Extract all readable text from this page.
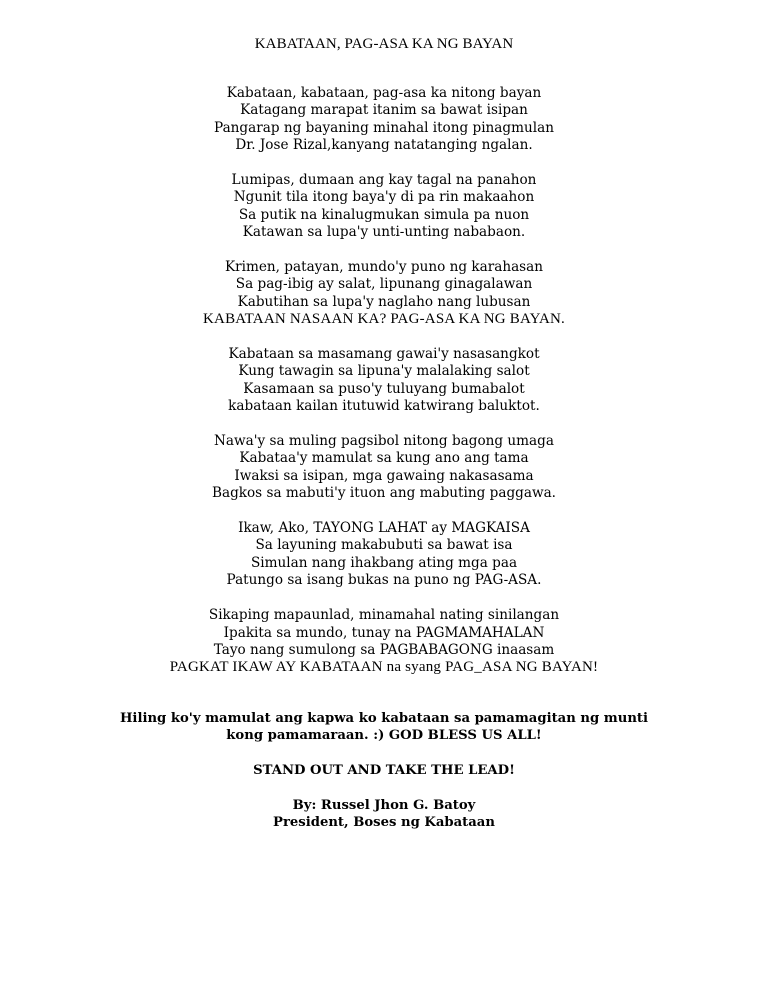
KABATAAN, PAG-ASA KA NG BAYAN
Kabataan, kabataan, pag-asa ka nitong bayan
Katagang marapat itanim sa bawat isipan
Pangarap ng bayaning minahal itong pinagmulan
Dr. Jose Rizal,kanyang natatanging ngalan.
Lumipas, dumaan ang kay tagal na panahon
Ngunit tila itong baya'y di pa rin makaahon
Sa putik na kinalugmukan simula pa nuon
Katawan sa lupa'y unti-unting nababaon.
Krimen, patayan, mundo'y puno ng karahasan
Sa pag-ibig ay salat, lipunang ginagalawan
Kabutihan sa lupa'y naglaho nang lubusan
KABATAAN NASAAN KA? PAG-ASA KA NG BAYAN.
Kabataan sa masamang gawai'y nasasangkot
Kung tawagin sa lipuna'y malalaking salot
Kasamaan sa puso'y tuluyang bumabalot
kabataan kailan itutuwid katwirang baluktot.
Nawa'y sa muling pagsibol nitong bagong umaga
Kabataa'y mamulat sa kung ano ang tama
Iwaksi sa isipan, mga gawaing nakasasama
Bagkos sa mabuti'y ituon ang mabuting paggawa.
Ikaw, Ako, TAYONG LAHAT ay MAGKAISA
Sa layuning makabubuti sa bawat isa
Simulan nang ihakbang ating mga paa
Patungo sa isang bukas na puno ng PAG-ASA.
Sikaping mapaunlad, minamahal nating sinilangan
Ipakita sa mundo, tunay na PAGMAMAHALAN
Tayo nang sumulong sa PAGBABAGONG inaasam
PAGKAT IKAW AY KABATAAN na syang PAG_ASA NG BAYAN!
Hiling ko'y mamulat ang kapwa ko kabataan sa pamamagitan ng munti
kong pamamaraan. :) GOD BLESS US ALL!
STAND OUT AND TAKE THE LEAD!
By: Russel Jhon G. Batoy
President, Boses ng Kabataan
